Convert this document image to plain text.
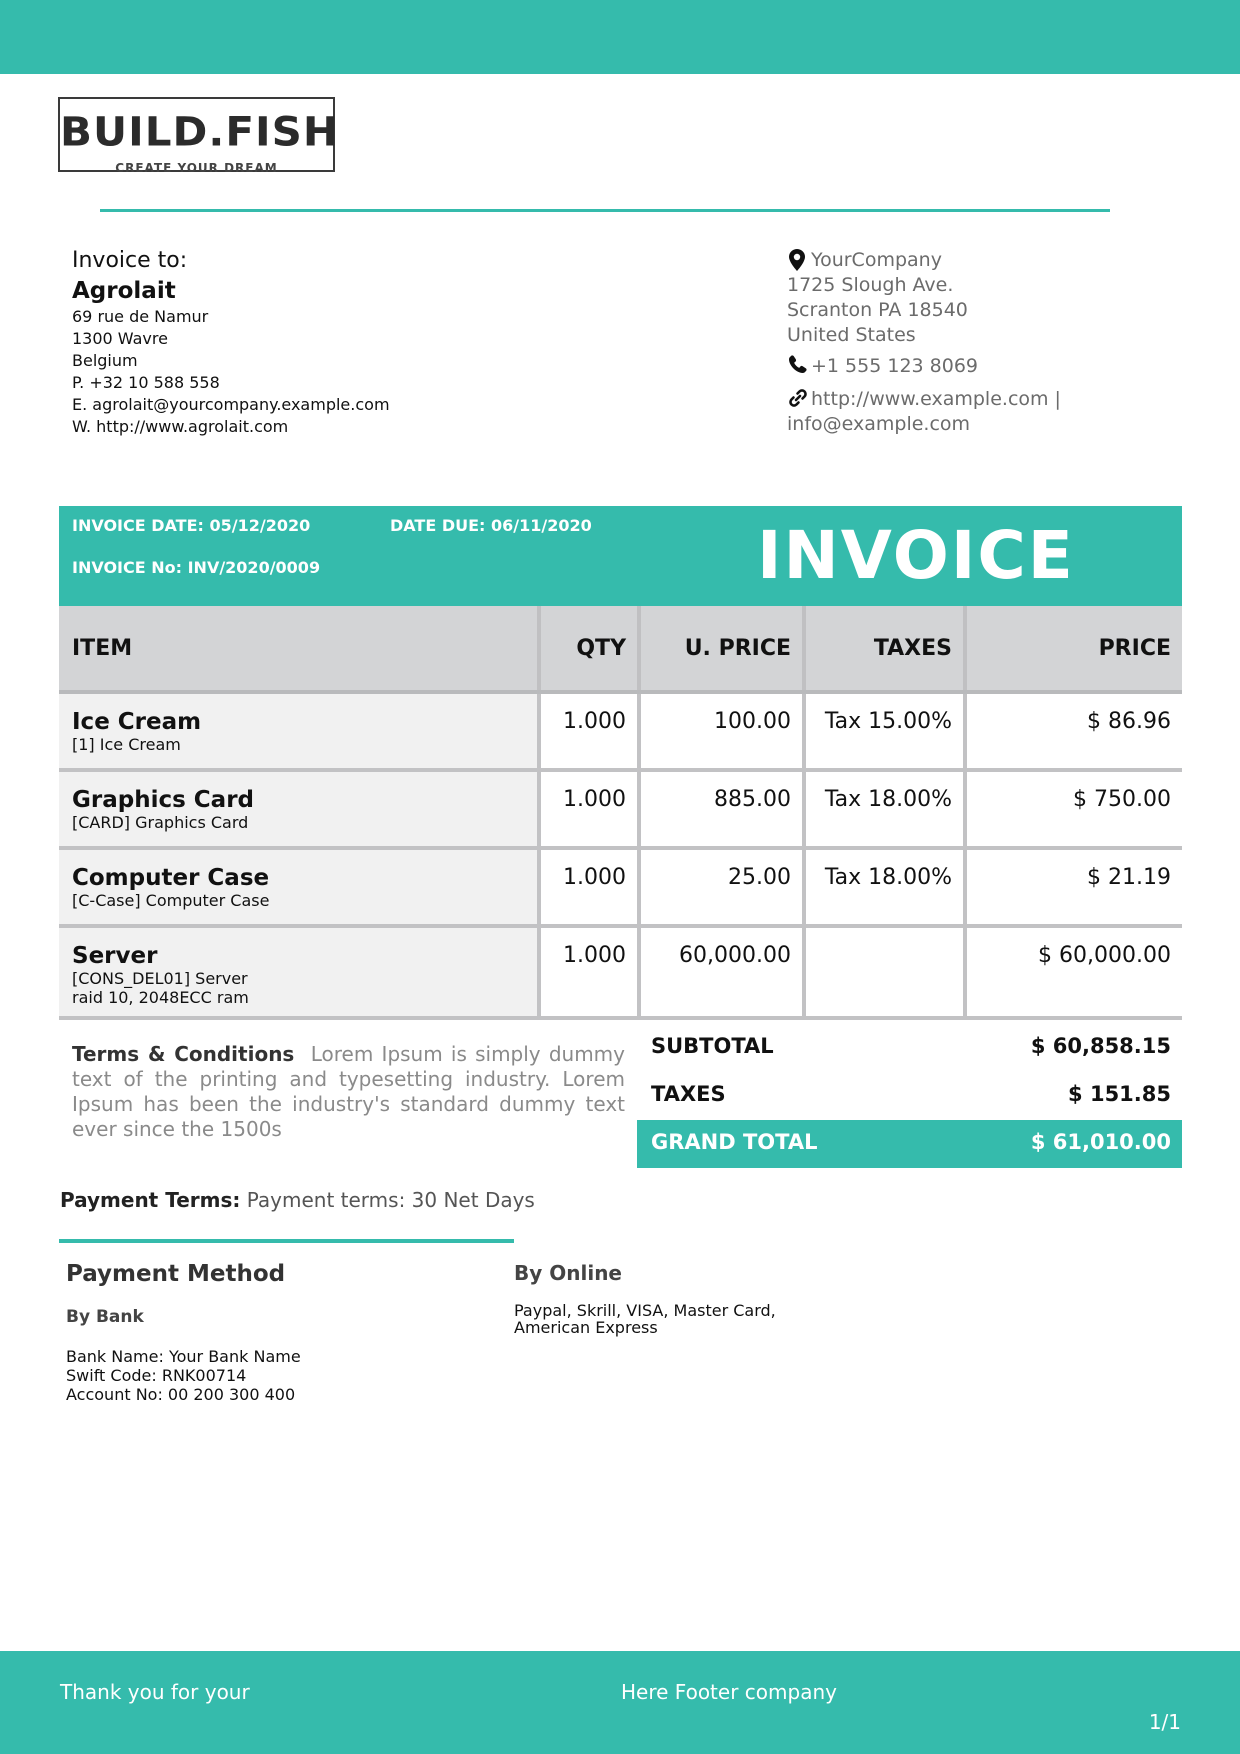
BUILD.FISH
CREATE YOUR DREAM
Invoice to:
Agrolait
69 rue de Namur
1300 Wavre
Belgium
P. +32 10 588 558
E. agrolait@yourcompany.example.com
W. http://www.agrolait.com
YourCompany
1725 Slough Ave.
Scranton PA 18540
United States
+1 555 123 8069
http://www.example.com |
info@example.com
INVOICE DATE: 05/12/2020	DATE DUE: 06/11/2020
INVOICE No: INV/2020/0009	INVOICE
ITEM	QTY	U. PRICE	TAXES	PRICE

Ice Cream
[1] Ice Cream	1.000	100.00	Tax 15.00%	$ 86.96

Graphics Card
[CARD] Graphics Card	1.000	885.00	Tax 18.00%	$ 750.00

Computer Case
[C-Case] Computer Case	1.000	25.00	Tax 18.00%	$ 21.19

Server
[CONS_DEL01] Server
raid 10, 2048ECC ram	1.000	60,000.00		$ 60,000.00
Terms & Conditions Lorem Ipsum is simply dummy text of the printing and typesetting industry. Lorem Ipsum has been the industry's standard dummy text ever since the 1500s
SUBTOTAL	$ 60,858.15
TAXES	$ 151.85
GRAND TOTAL	$ 61,010.00
Payment Terms: Payment terms: 30 Net Days
Payment Method
By Bank
Bank Name: Your Bank Name
Swift Code: RNK00714
Account No: 00 200 300 400
By Online
Paypal, Skrill, VISA, Master Card, American Express
Thank you for your	Here Footer company
1/1
